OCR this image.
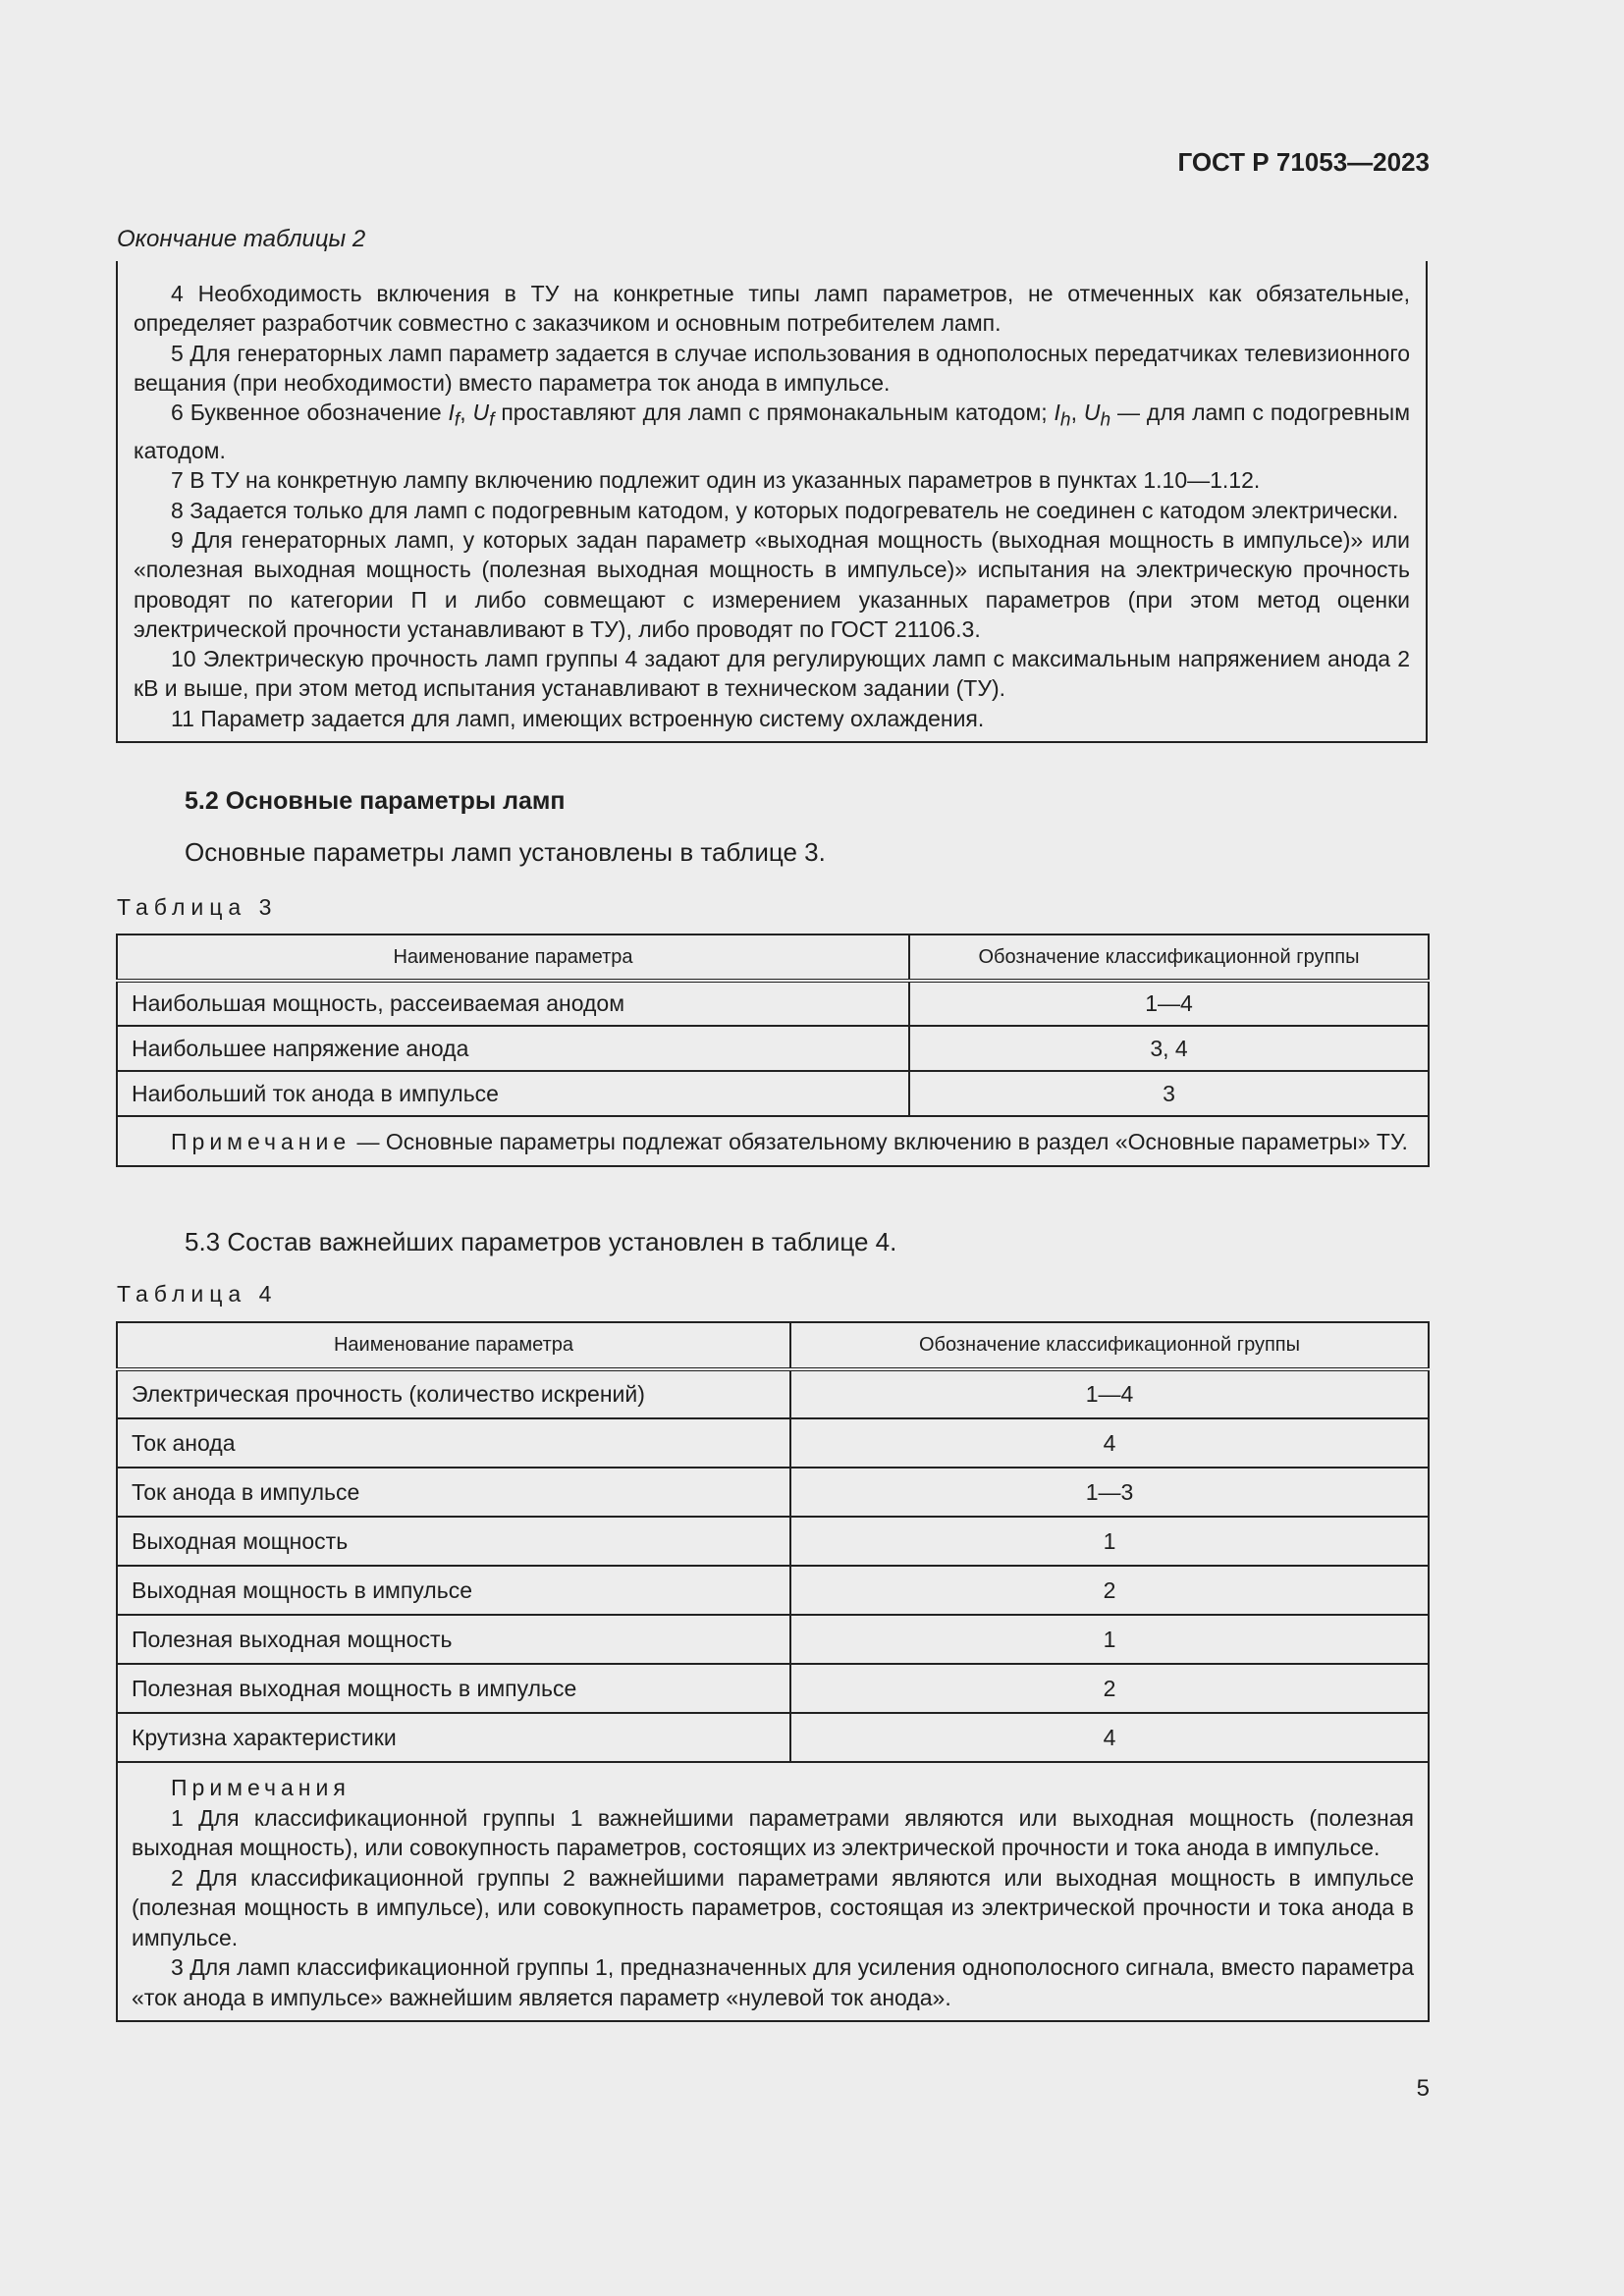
ГОСТ Р 71053—2023
Окончание таблицы 2

4 Необходимость включения в ТУ на конкретные типы ламп параметров, не отмеченных как обязательные, определяет разработчик совместно с заказчиком и основным потребителем ламп.

5 Для генераторных ламп параметр задается в случае использования в однополосных передатчиках телевизионного вещания (при необходимости) вместо параметра ток анода в импульсе.

6 Буквенное обозначение $I_f$, $U_f$ проставляют для ламп с прямонакальным катодом; $I_h$, $U_h$ — для ламп с подогревным катодом.

7 В ТУ на конкретную лампу включению подлежит один из указанных параметров в пунктах 1.10—1.12.

8 Задается только для ламп с подогревным катодом, у которых подогреватель не соединен с катодом электрически.

9 Для генераторных ламп, у которых задан параметр «выходная мощность (выходная мощность в импульсе)» или «полезная выходная мощность (полезная выходная мощность в импульсе)» испытания на электрическую прочность проводят по категории П и либо совмещают с измерением указанных параметров (при этом метод оценки электрической прочности устанавливают в ТУ), либо проводят по ГОСТ 21106.3.

10 Электрическую прочность ламп группы 4 задают для регулирующих ламп с максимальным напряжением анода 2 кВ и выше, при этом метод испытания устанавливают в техническом задании (ТУ).

11 Параметр задается для ламп, имеющих встроенную систему охлаждения.

5.2 Основные параметры ламп
Основные параметры ламп установлены в таблице 3.
Таблица 3
Наименование параметра	Обозначение классификационной группы
Наибольшая мощность, рассеиваемая анодом	1—4
Наибольшее напряжение анода	3, 4
Наибольший ток анода в импульсе	3

Примечание — Основные параметры подлежат обязательному включению в раздел «Основные параметры» ТУ.	

5.3 Состав важнейших параметров установлен в таблице 4.
Таблица 4
Наименование параметра	Обозначение классификационной группы
Электрическая прочность (количество искрений)	1—4
Ток анода	4
Ток анода в импульсе	1—3
Выходная мощность	1
Выходная мощность в импульсе	2
Полезная выходная мощность	1
Полезная выходная мощность в импульсе	2
Крутизна характеристики	4

Примечания

1 Для классификационной группы 1 важнейшими параметрами являются или выходная мощность (полезная выходная мощность), или совокупность параметров, состоящих из электрической прочности и тока анода в импульсе.

2 Для классификационной группы 2 важнейшими параметрами являются или выходная мощность в импульсе (полезная мощность в импульсе), или совокупность параметров, состоящая из электрической прочности и тока анода в импульсе.

3 Для ламп классификационной группы 1, предназначенных для усиления однополосного сигнала, вместо параметра «ток анода в импульсе» важнейшим является параметр «нулевой ток анода».	

5
